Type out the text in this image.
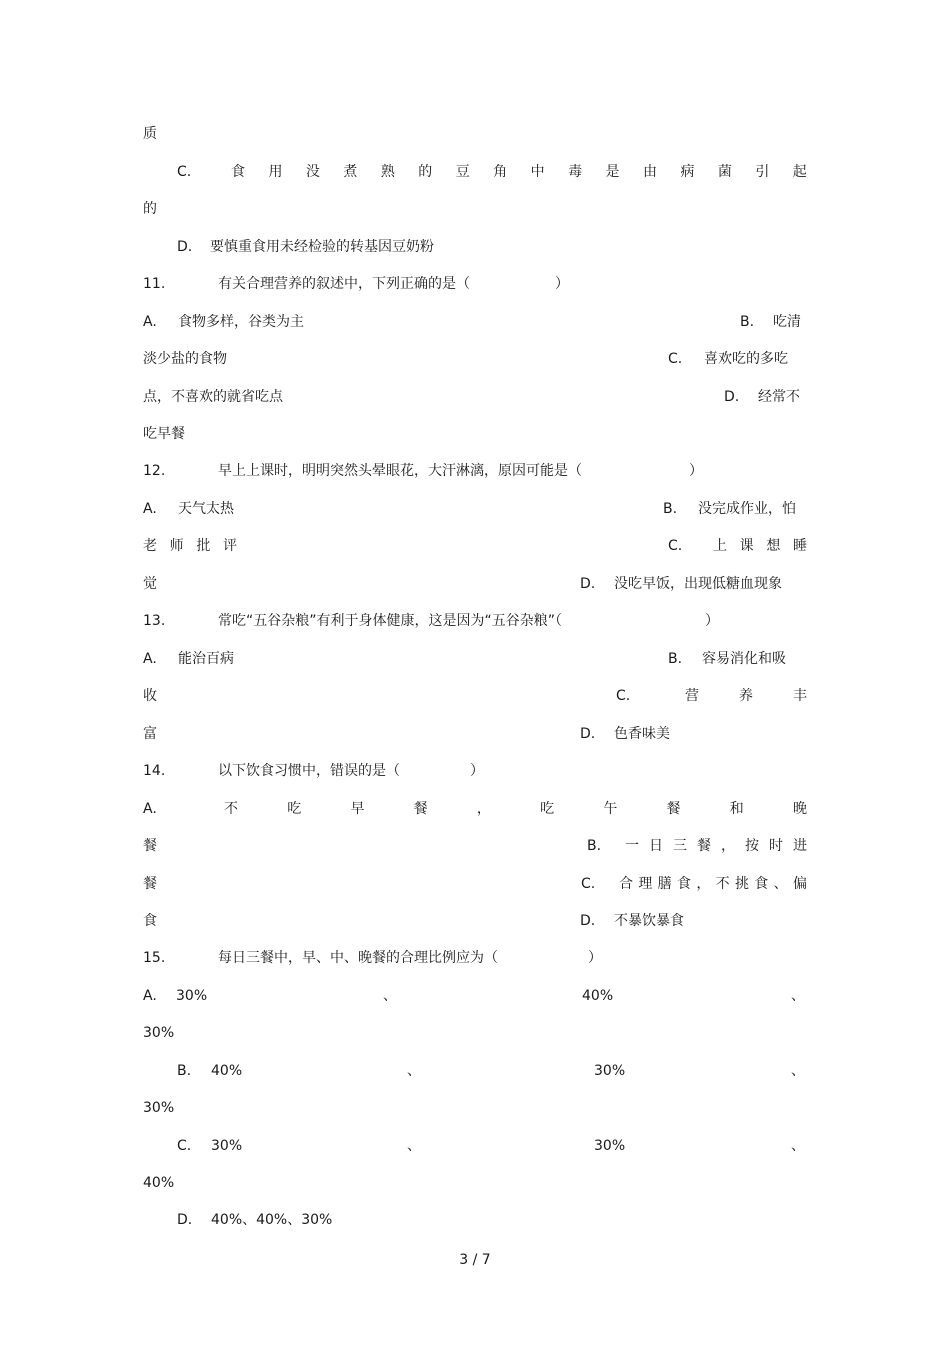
质
C.	食 用 没 煮 熟 的 豆 角 中 毒 是 由 病 菌 引 起
的
D. 要慎重食用未经检验的转基因豆奶粉
11.	有关合理营养的叙述中，下列正确的是（	）
A. 食物多样，谷类为主	B. 吃清
淡少盐的食物	C. 喜欢吃的多吃
点，不喜欢的就省吃点	D. 经常不
吃早餐
12.	早上上课时，明明突然头晕眼花，大汗淋漓，原因可能是（	）
A. 天气太热	B. 没完成作业，怕
老 师 批 评	C. 上 课 想 睡
觉	D. 没吃早饭，出现低糖血现象
13.	常吃“五谷杂粮”有利于身体健康，这是因为“五谷杂粮”（	）
A. 能治百病	B. 容易消化和吸
收	C.	营	养	丰
富	D. 色香味美
14.	以下饮食习惯中，错误的是（	）
A.	不	吃	早	餐	，	吃	午	餐	和	晚
餐	B. 一 日 三 餐 ， 按 时 进
餐	C. 合 理 膳 食 ， 不 挑 食 、 偏
食	D. 不暴饮暴食
15.	每日三餐中，早、中、晚餐的合理比例应为（	）
A. 30%	、	40%	、
30%
B. 40%	、	30%	、
30%
C. 30%	、	30%	、
40%
D. 40%、40%、30%
3 / 7
